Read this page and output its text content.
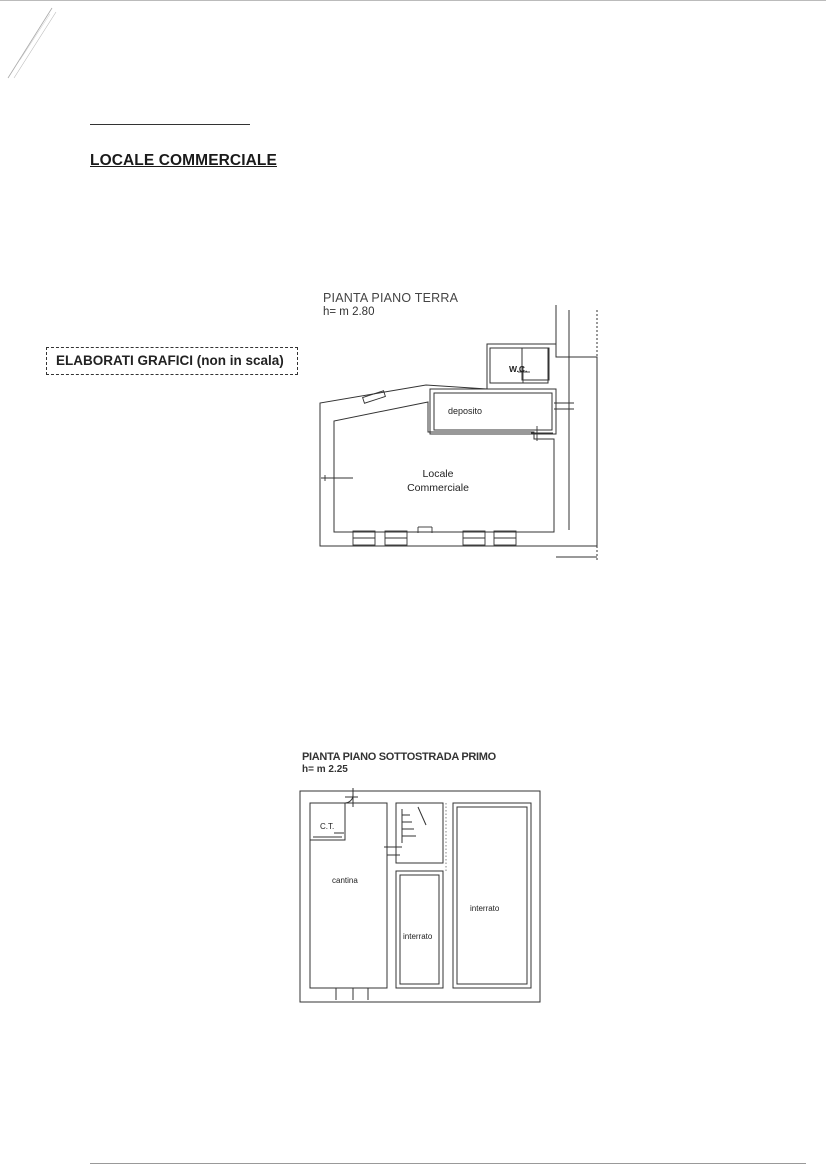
LOCALE COMMERCIALE
ELABORATI GRAFICI (non in scala)
PIANTA PIANO TERRA
h= m 2.80
W.C.
deposito
Locale
Commerciale
PIANTA PIANO SOTTOSTRADA PRIMO
h= m 2.25
C.T.
cantina
interrato
interrato
